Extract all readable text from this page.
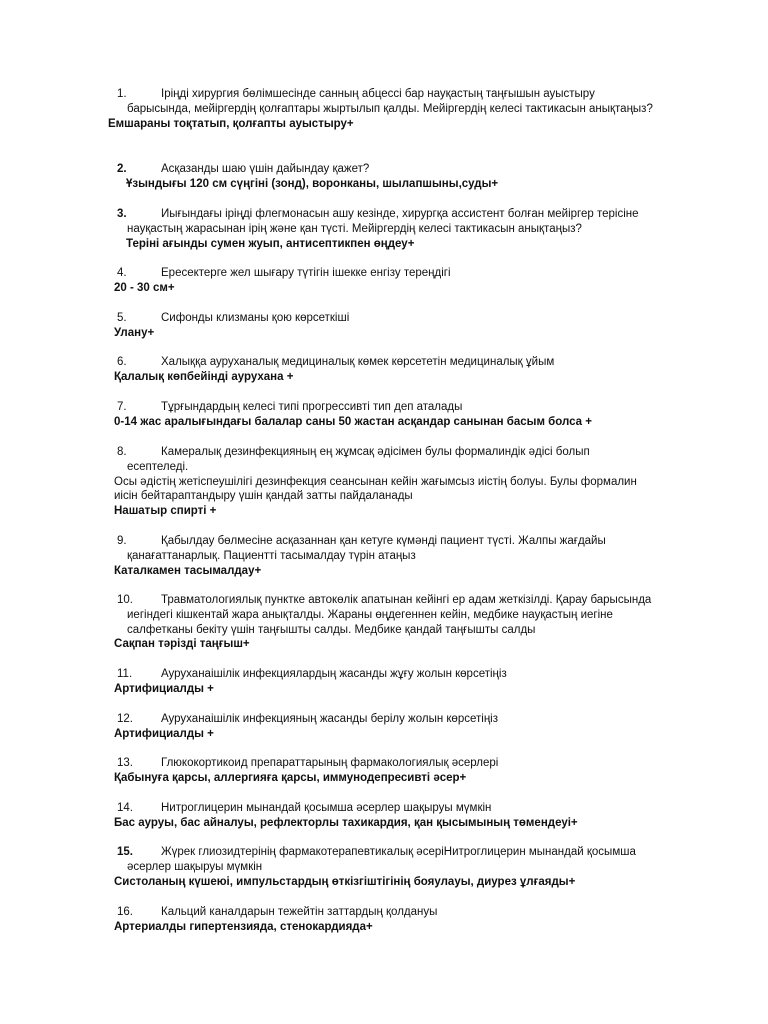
1.	Іріңді хирургия бөлімшесінде санның абцессі бар науқастың таңғышын ауыстыру барысында, мейіргердің қолғаптары жыртылып қалды. Мейіргердің келесі тактикасын анықтаңыз?
Емшараны тоқтатып, қолғапты ауыстыру+
2.	Асқазанды шаю үшін дайындау қажет?
Ұзындығы 120 см сүңгіні (зонд), воронканы, шылапшыны,суды+
3.	Иығындағы іріңді флегмонасын ашу кезінде, хирургқа ассистент болған мейіргер терісіне науқастың жарасынан ірің және қан түсті. Мейіргердің келесі тактикасын анықтаңыз?
Теріні ағынды сумен жуып, антисептикпен өңдеу+
4.	Ересектерге жел шығару түтігін ішекке енгізу тереңдігі
20 - 30 см+
5.	Сифонды клизманы қою көрсеткіші
Улану+
6.	Халыққа ауруханалық медициналық көмек көрсететін медициналық ұйым
Қалалық көпбейінді аурухана +
7.	Тұрғындардың келесі типі прогрессивті тип деп аталады
0-14 жас аралығындағы балалар саны 50 жастан асқандар санынан басым болса +
8.	Камералық дезинфекцияның ең жұмсақ әдісімен булы формалиндік әдісі болып есептеледі.
Осы әдістің жетіспеушілігі дезинфекция сеансынан кейін жағымсыз иістің болуы. Булы формалин иісін бейтараптандыру үшін қандай затты пайдаланады
Нашатыр спирті +
9.	Қабылдау бөлмесіне асқазаннан қан кетуге күмәнді пациент түсті. Жалпы жағдайы қанағаттанарлық. Пациентті тасымалдау түрін атаңыз
Каталкамен тасымалдау+
10.	Травматологиялық пунктке автокөлік апатынан кейінгі ер адам жеткізілді. Қарау барысында иегіндегі кішкентай жара анықталды. Жараны өңдегеннен кейін, медбике науқастың иегіне салфетканы бекіту үшін таңғышты салды. Медбике қандай таңғышты салды
Сақпан тәрізді таңғыш+
11.	Ауруханаішілік инфекциялардың жасанды жұғу жолын көрсетіңіз
Артифициалды +
12.	Ауруханаішілік инфекцияның жасанды берілу жолын көрсетіңіз
Артифициалды +
13.	Глюкокортикоид препараттарының фармакологиялық әсерлері
Қабынуға қарсы, аллергияға қарсы, иммунодепресивті әсер+
14.	Нитроглицерин мынандай қосымша әсерлер шақыруы мүмкін
Бас ауруы, бас айналуы, рефлекторлы тахикардия, қан қысымының төмендеуі+
15.	Жүрек глиозидтерінің фармакотерапевтикалық әсеріНитроглицерин мынандай қосымша әсерлер шақыруы мүмкін
Систоланың күшеюі, импульстардың өткізгіштігінің бояулауы, диурез ұлғаяды+
16.	Кальций каналдарын тежейтін заттардың қолдануы
Артериалды гипертензияда, стенокардияда+
